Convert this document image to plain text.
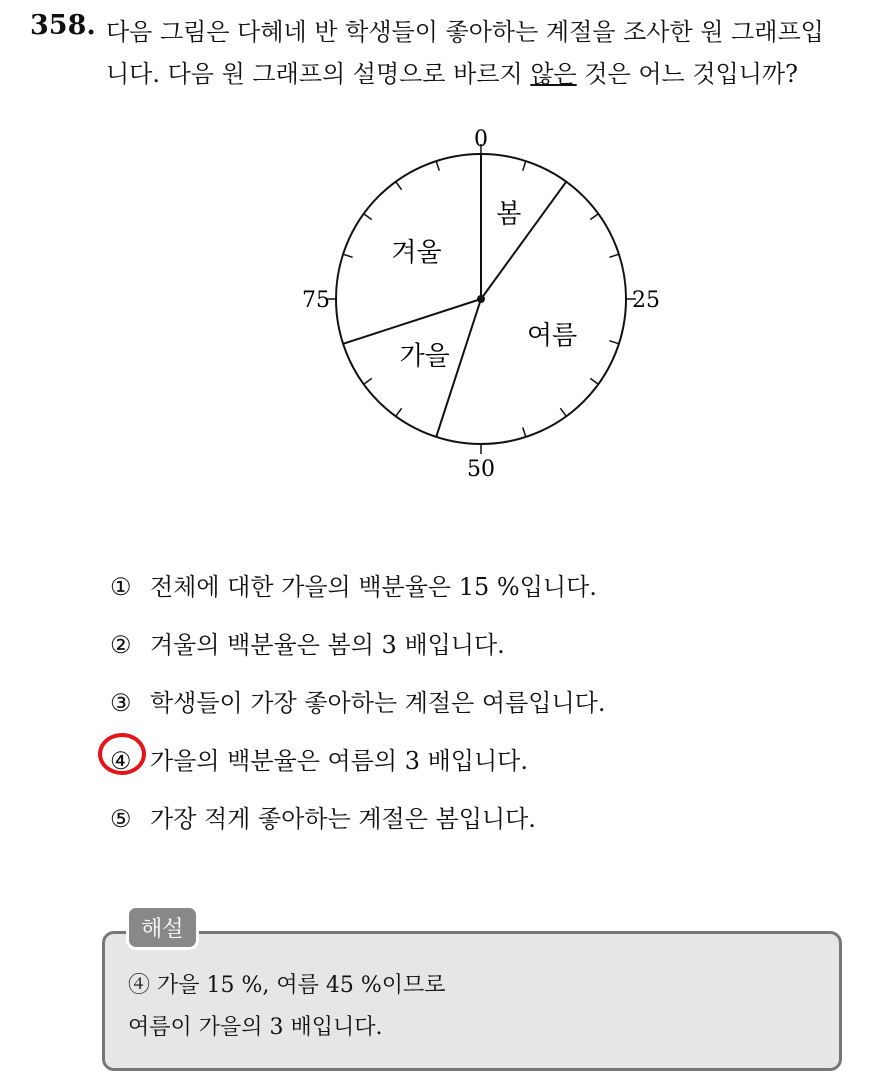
358. 다음 그림은 다혜네 반 학생들이 좋아하는 계절을 조사한 원 그래프입
니다. 다음 원 그래프의 설명으로 바르지 않은 것은 어느 것입니까?
봄
여름
가을
겨울
0
25
50
75
① 전체에 대한 가을의 백분율은 15 %입니다.
② 겨울의 백분율은 봄의 3 배입니다.
③ 학생들이 가장 좋아하는 계절은 여름입니다.
④ 가을의 백분율은 여름의 3 배입니다.
⑤ 가장 적게 좋아하는 계절은 봄입니다.
해설
④ 가을 15 %, 여름 45 %이므로
여름이 가을의 3 배입니다.
